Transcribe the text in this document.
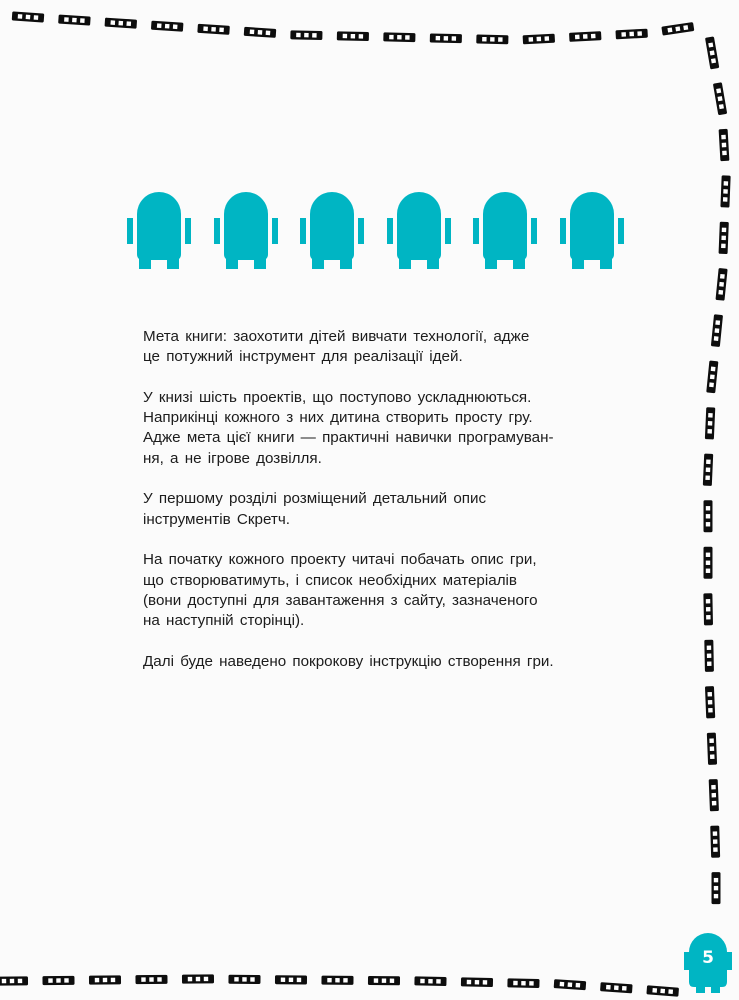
Мета книги: заохотити дітей вивчати технології, адже
це потужний інструмент для реалізації ідей.

У книзі шість проектів, що поступово ускладнюються.
Наприкінці кожного з них дитина створить просту гру.
Адже мета цієї книги — практичні навички програмуван-
ня, а не ігрове дозвілля.

У першому розділі розміщений детальний опис
інструментів Скретч.

На початку кожного проекту читачі побачать опис гри,
що створюватимуть, і список необхідних матеріалів
(вони доступні для завантаження з сайту, зазначеного
на наступній сторінці).

Далі буде наведено покрокову інструкцію створення гри.

5
